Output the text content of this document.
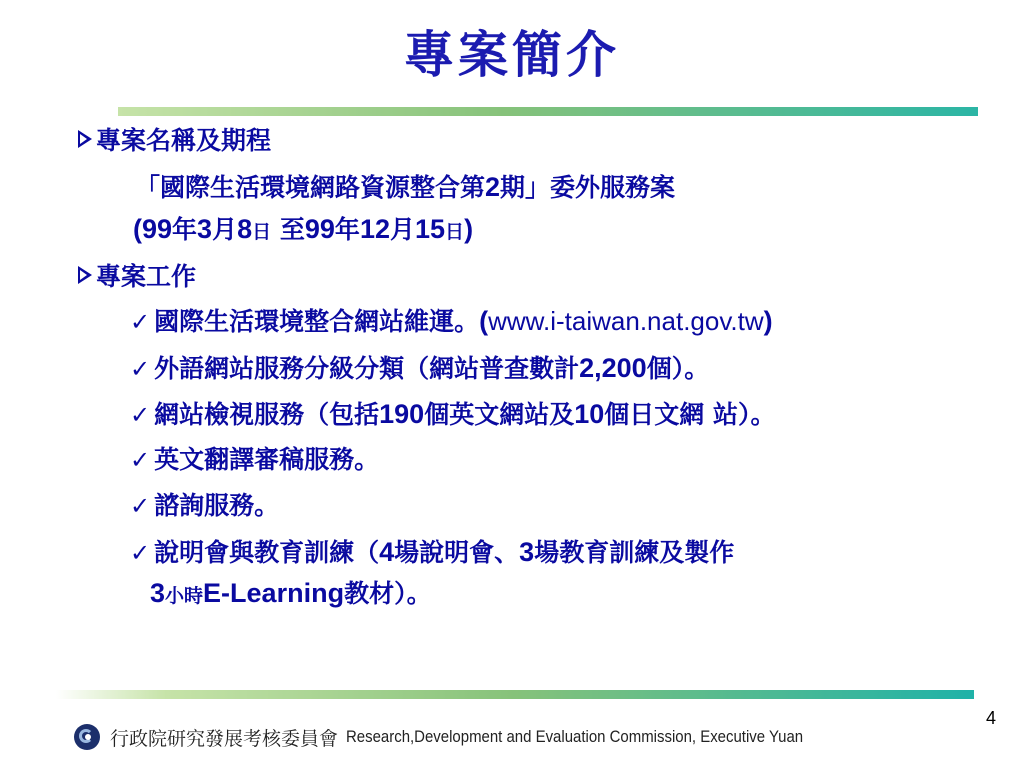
專案簡介
專案名稱及期程
「國際生活環境網路資源整合第2期」委外服務案
(99年3月8日 至99年12月15日)
專案工作
✓ 國際生活環境整合網站維運。(www.i-taiwan.nat.gov.tw)
✓ 外語網站服務分級分類（網站普查數計2,200個）。
✓ 網站檢視服務（包括190個英文網站及10個日文網 站）。
✓ 英文翻譯審稿服務。
✓ 諮詢服務。
✓ 說明會與教育訓練（4場說明會、3場教育訓練及製作
3小時E-Learning教材）。
4
行政院研究發展考核委員會 Research,Development and Evaluation Commission, Executive Yuan
